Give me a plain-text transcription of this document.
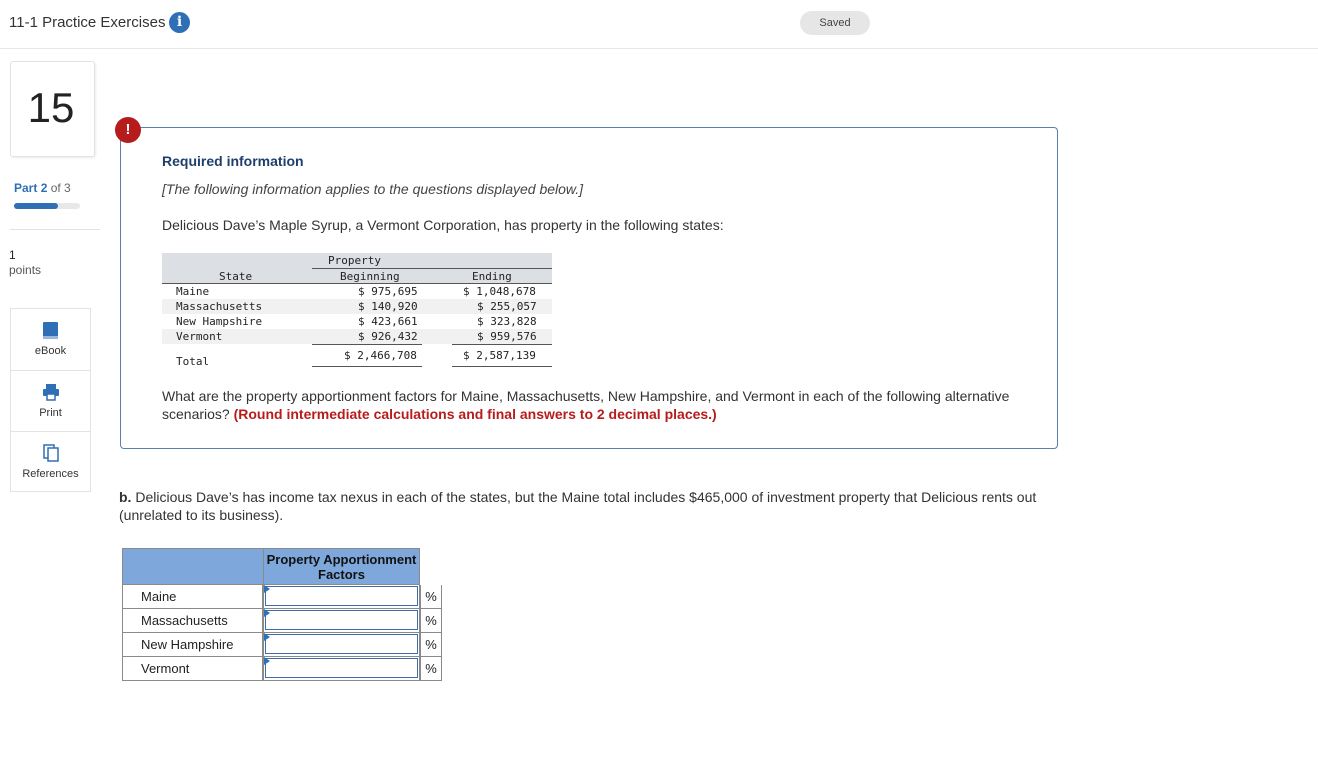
11-1 Practice Exercises i	Saved
15
Part 2 of 3
1
points
eBook
Print
References
!
Required information
[The following information applies to the questions displayed below.]
Delicious Dave’s Maple Syrup, a Vermont Corporation, has property in the following states:
Property
State	Beginning	Ending
Maine	$ 975,695	$ 1,048,678
Massachusetts	$ 140,920	$ 255,057
New Hampshire	$ 423,661	$ 323,828
Vermont	$ 926,432	$ 959,576
Total	$ 2,466,708	$ 2,587,139
What are the property apportionment factors for Maine, Massachusetts, New Hampshire, and Vermont in each of the following alternative scenarios? (Round intermediate calculations and final answers to 2 decimal places.)
b. Delicious Dave’s has income tax nexus in each of the states, but the Maine total includes $465,000 of investment property that Delicious rents out (unrelated to its business).
Property Apportionment
Factors
Maine	%
Massachusetts	%
New Hampshire	%
Vermont	%
